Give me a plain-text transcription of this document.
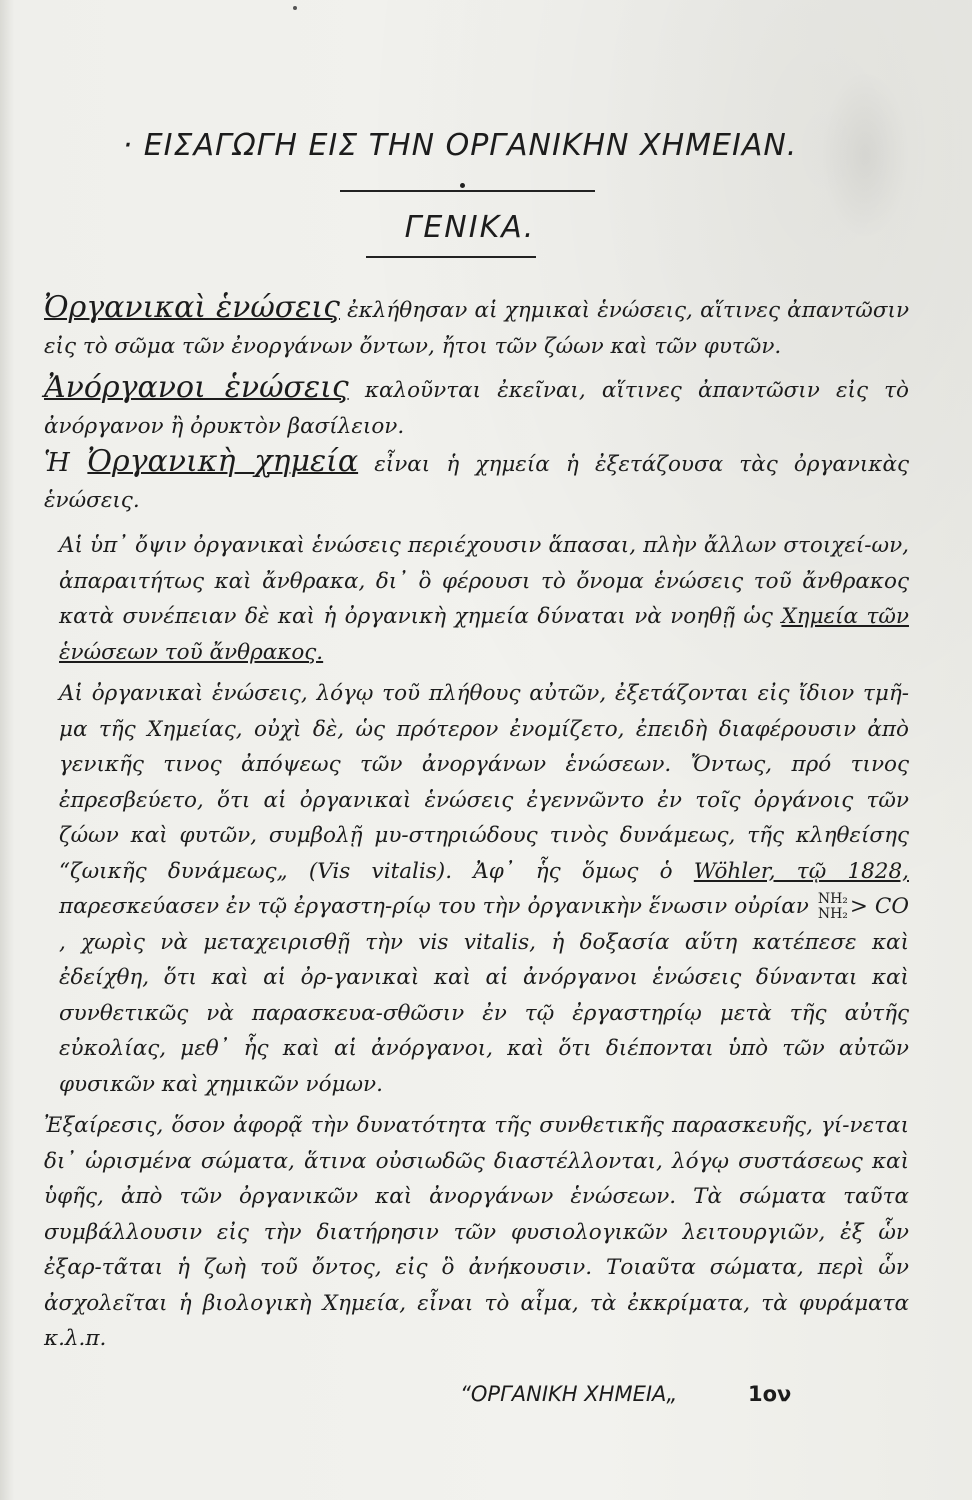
· ΕΙΣΑΓΩΓΗ ΕΙΣ ΤΗΝ ΟΡΓΑΝΙΚΗΝ ΧΗΜΕΙΑΝ.
ΓΕΝΙΚΑ.

Ὀργανικαὶ ἑνώσεις ἐκλήθησαν αἱ χημικαὶ ἑνώσεις, αἵτινες ἀπαντῶσιν εἰς τὸ σῶμα τῶν ἐνοργάνων ὄντων, ἤτοι τῶν ζώων καὶ τῶν φυτῶν.

Ἀνόργανοι ἑνώσεις καλοῦνται ἐκεῖναι, αἵτινες ἀπαντῶσιν εἰς τὸ ἀνόργανον ἢ ὀρυκτὸν βασίλειον.

Ἡ Ὀργανικὴ χημεία εἶναι ἡ χημεία ἡ ἐξετάζουσα τὰς ὀργανικὰς ἑνώσεις.

Αἱ ὑπ᾽ ὄψιν ὀργανικαὶ ἑνώσεις περιέχουσιν ἅπασαι, πλὴν ἄλλων στοιχεί-ων, ἀπαραιτήτως καὶ ἄνθρακα, δι᾽ ὃ φέρουσι τὸ ὄνομα ἑνώσεις τοῦ ἄνθρακος κατὰ συνέπειαν δὲ καὶ ἡ ὀργανικὴ χημεία δύναται νὰ νοηθῇ ὡς Χημεία τῶν ἑνώσεων τοῦ ἄνθρακος.

Αἱ ὀργανικαὶ ἑνώσεις, λόγῳ τοῦ πλήθους αὐτῶν, ἐξετάζονται εἰς ἴδιον τμῆ-μα τῆς Χημείας, οὐχὶ δὲ, ὡς πρότερον ἐνομίζετο, ἐπειδὴ διαφέρουσιν ἀπὸ γενικῆς τινος ἀπόψεως τῶν ἀνοργάνων ἑνώσεων. Ὄντως, πρό τινος ἐπρεσβεύετο, ὅτι αἱ ὀργανικαὶ ἑνώσεις ἐγεννῶντο ἐν τοῖς ὀργάνοις τῶν ζώων καὶ φυτῶν, συμβολῇ μυ-στηριώδους τινὸς δυνάμεως, τῆς κληθείσης “ζωικῆς δυνάμεως„ (Vis vitalis). Ἀφ᾽ ἧς ὅμως ὁ Wöhler, τῷ 1828, παρεσκεύασεν ἐν τῷ ἐργαστη-ρίῳ του τὴν ὀργανικὴν ἕνωσιν οὐρίαν NH₂
NH₂ > CO , χωρὶς νὰ μεταχειρισθῇ τὴν vis vitalis, ἡ δοξασία αὕτη κατέπεσε καὶ ἐδείχθη, ὅτι καὶ αἱ ὀρ-γανικαὶ καὶ αἱ ἀνόργανοι ἑνώσεις δύνανται καὶ συνθετικῶς νὰ παρασκευα-σθῶσιν ἐν τῷ ἐργαστηρίῳ μετὰ τῆς αὐτῆς εὐκολίας, μεθ᾽ ἧς καὶ αἱ ἀνόργανοι, καὶ ὅτι διέπονται ὑπὸ τῶν αὐτῶν φυσικῶν καὶ χημικῶν νόμων.

Ἐξαίρεσις, ὅσον ἀφορᾷ τὴν δυνατότητα τῆς συνθετικῆς παρασκευῆς, γί-νεται δι᾽ ὡρισμένα σώματα, ἅτινα οὐσιωδῶς διαστέλλονται, λόγῳ συστάσεως καὶ ὑφῆς, ἀπὸ τῶν ὀργανικῶν καὶ ἀνοργάνων ἑνώσεων. Τὰ σώματα ταῦτα συμβάλλουσιν εἰς τὴν διατήρησιν τῶν φυσιολογικῶν λειτουργιῶν, ἐξ ὧν ἐξαρ-τᾶται ἡ ζωὴ τοῦ ὄντος, εἰς ὃ ἀνήκουσιν. Τοιαῦτα σώματα, περὶ ὧν ἀσχολεῖται ἡ βιολογικὴ Χημεία, εἶναι τὸ αἷμα, τὰ ἐκκρίματα, τὰ φυράματα κ.λ.π.

“ΟΡΓΑΝΙΚΗ ΧΗΜΕΙΑ„	1ον
